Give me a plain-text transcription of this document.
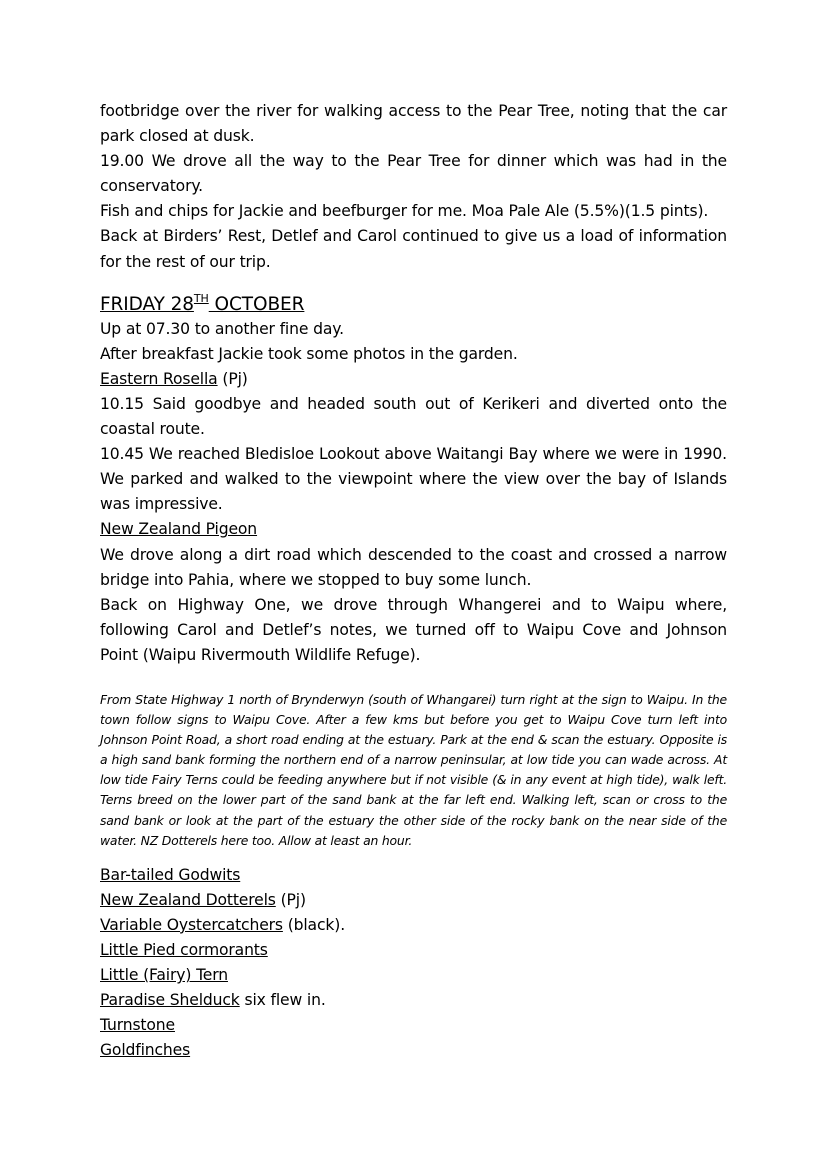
footbridge over the river for walking access to the Pear Tree, noting that the car park closed at dusk.

19.00 We drove all the way to the Pear Tree for dinner which was had in the conservatory.

Fish and chips for Jackie and beefburger for me. Moa Pale Ale (5.5%)(1.5 pints).

Back at Birders’ Rest, Detlef and Carol continued to give us a load of information for the rest of our trip.

FRIDAY 28TH OCTOBER

Up at 07.30 to another fine day.

After breakfast Jackie took some photos in the garden.

Eastern Rosella (Pj)

10.15 Said goodbye and headed south out of Kerikeri and diverted onto the coastal route.

10.45 We reached Bledisloe Lookout above Waitangi Bay where we were in 1990.

We parked and walked to the viewpoint where the view over the bay of Islands was impressive.

New Zealand Pigeon

We drove along a dirt road which descended to the coast and crossed a narrow bridge into Pahia, where we stopped to buy some lunch.

Back on Highway One, we drove through Whangerei and to Waipu where, following Carol and Detlef’s notes, we turned off to Waipu Cove and Johnson Point (Waipu Rivermouth Wildlife Refuge).

From State Highway 1 north of Brynderwyn (south of Whangarei) turn right at the sign to Waipu. In the town follow signs to Waipu Cove. After a few kms but before you get to Waipu Cove turn left into Johnson Point Road, a short road ending at the estuary. Park at the end & scan the estuary. Opposite is a high sand bank forming the northern end of a narrow peninsular, at low tide you can wade across. At low tide Fairy Terns could be feeding anywhere but if not visible (& in any event at high tide), walk left. Terns breed on the lower part of the sand bank at the far left end. Walking left, scan or cross to the sand bank or look at the part of the estuary the other side of the rocky bank on the near side of the water. NZ Dotterels here too. Allow at least an hour.

Bar-tailed Godwits

New Zealand Dotterels (Pj)

Variable Oystercatchers (black).

Little Pied cormorants

Little (Fairy) Tern

Paradise Shelduck six flew in.

Turnstone

Goldfinches
